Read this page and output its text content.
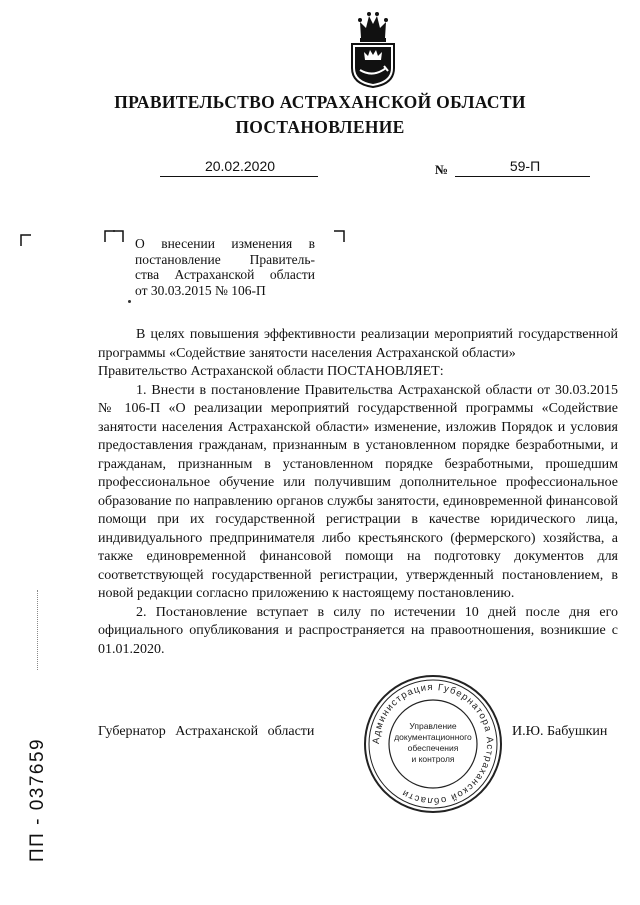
ПРАВИТЕЛЬСТВО АСТРАХАНСКОЙ ОБЛАСТИ
ПОСТАНОВЛЕНИЕ
20.02.2020	№	59-П
О внесении изменения в
постановление Правитель-
ства Астраханской области
от 30.03.2015 № 106-П

В целях повышения эффективности реализации мероприятий государственной программы «Содействие занятости населения Астраханской области»

Правительство Астраханской области ПОСТАНОВЛЯЕТ:

1. Внести в постановление Правительства Астраханской области от 30.03.2015 № 106-П «О реализации мероприятий государственной программы «Содействие занятости населения Астраханской области» изменение, изложив Порядок и условия предоставления гражданам, признанным в установленном порядке безработными, и гражданам, признанным в установленном порядке безработными, прошедшим профессиональное обучение или получившим дополнительное профессиональное образование по направлению органов службы занятости, единовременной финансовой помощи при их государственной регистрации в качестве юридического лица, индивидуального предпринимателя либо крестьянского (фермерского) хозяйства, а также единовременной финансовой помощи на подготовку документов для соответствующей государственной регистрации, утвержденный постановлением, в новой редакции согласно приложению к настоящему постановлению.

2. Постановление вступает в силу по истечении 10 дней после дня его официального опубликования и распространяется на правоотношения, возникшие с 01.01.2020.

Губернатор Астраханской области	И.Ю. Бабушкин
Администрация Губернатора Астраханской области
Управление
документационного
обеспечения
и контроля
ПП - 037659
